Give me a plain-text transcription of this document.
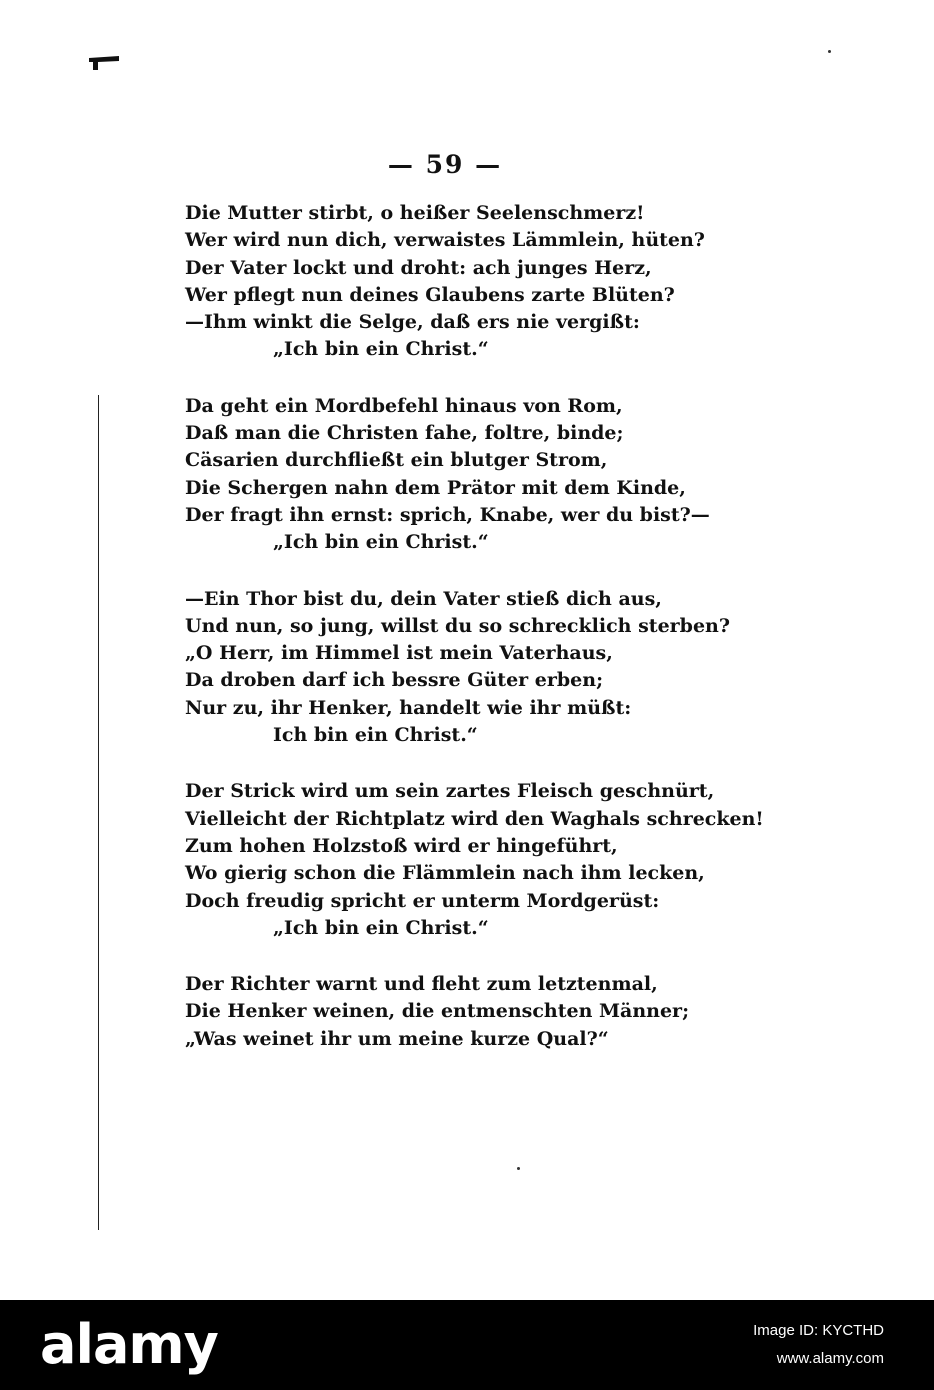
— 59 —
Die Mutter stirbt, o heißer Seelenschmerz!
Wer wird nun dich, verwaistes Lämmlein, hüten?
Der Vater lockt und droht: ach junges Herz,
Wer pflegt nun deines Glaubens zarte Blüten?
—Ihm winkt die Selge, daß ers nie vergißt:
„Ich bin ein Christ.“
Da geht ein Mordbefehl hinaus von Rom,
Daß man die Christen fahe, foltre, binde;
Cäsarien durchfließt ein blutger Strom,
Die Schergen nahn dem Prätor mit dem Kinde,
Der fragt ihn ernst: sprich, Knabe, wer du bist?—
„Ich bin ein Christ.“
—Ein Thor bist du, dein Vater stieß dich aus,
Und nun, so jung, willst du so schrecklich sterben?
„O Herr, im Himmel ist mein Vaterhaus,
Da droben darf ich bessre Güter erben;
Nur zu, ihr Henker, handelt wie ihr müßt:
Ich bin ein Christ.“
Der Strick wird um sein zartes Fleisch geschnürt,
Vielleicht der Richtplatz wird den Waghals schrecken!
Zum hohen Holzstoß wird er hingeführt,
Wo gierig schon die Flämmlein nach ihm lecken,
Doch freudig spricht er unterm Mordgerüst:
„Ich bin ein Christ.“
Der Richter warnt und fleht zum letztenmal,
Die Henker weinen, die entmenschten Männer;
„Was weinet ihr um meine kurze Qual?“
alamy	Image ID: KYCTHD
www.alamy.com
